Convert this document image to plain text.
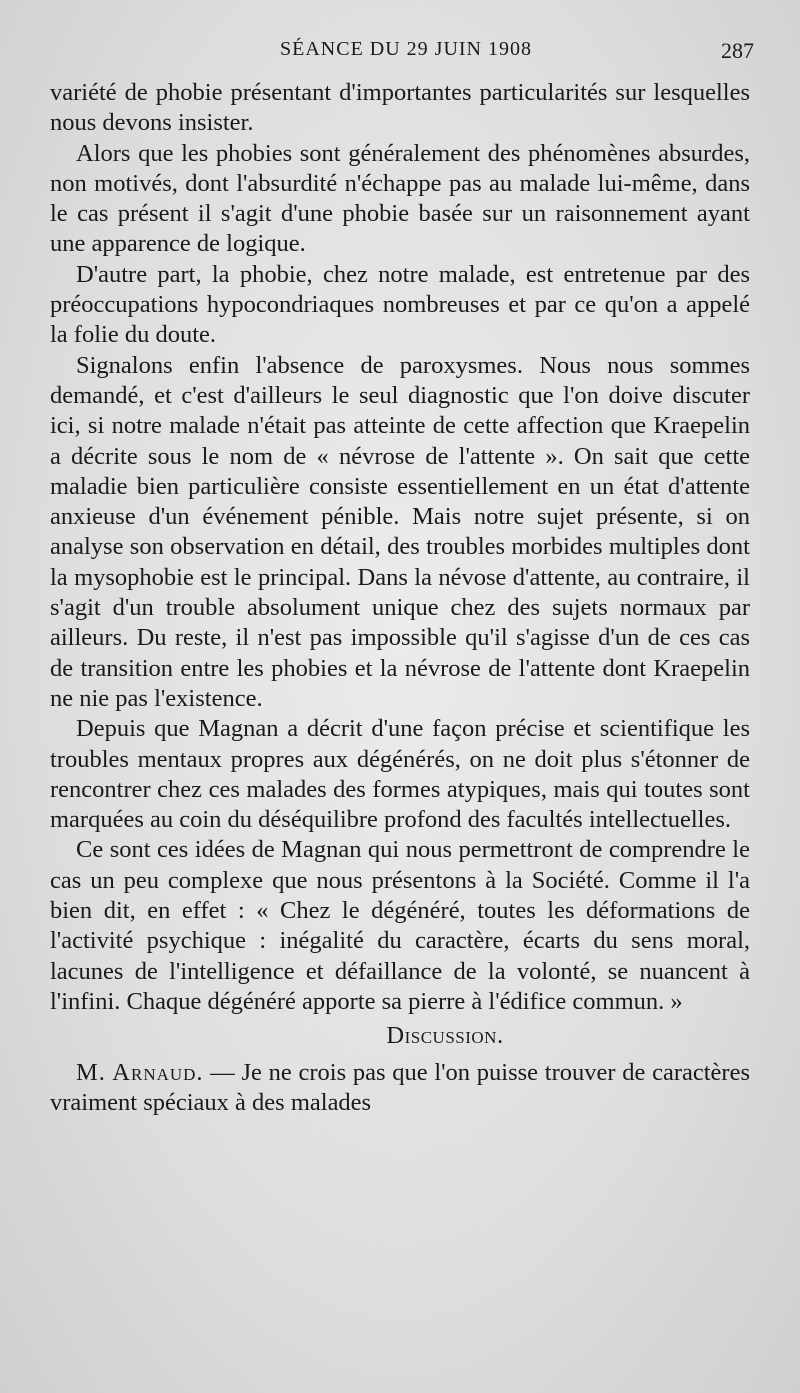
SÉANCE DU 29 JUIN 1908	287

variété de phobie présentant d'importantes particularités sur lesquelles nous devons insister.

Alors que les phobies sont généralement des phénomènes absurdes, non motivés, dont l'absurdité n'échappe pas au malade lui-même, dans le cas présent il s'agit d'une phobie basée sur un raisonnement ayant une apparence de logique.

D'autre part, la phobie, chez notre malade, est entretenue par des préoccupations hypocondriaques nombreuses et par ce qu'on a appelé la folie du doute.

Signalons enfin l'absence de paroxysmes. Nous nous sommes demandé, et c'est d'ailleurs le seul diagnostic que l'on doive discuter ici, si notre malade n'était pas atteinte de cette affection que Kraepelin a décrite sous le nom de « névrose de l'attente ». On sait que cette maladie bien particulière consiste essentiellement en un état d'attente anxieuse d'un événement pénible. Mais notre sujet présente, si on analyse son observation en détail, des troubles morbides multiples dont la mysophobie est le principal. Dans la névose d'attente, au contraire, il s'agit d'un trouble absolument unique chez des sujets normaux par ailleurs. Du reste, il n'est pas impossible qu'il s'agisse d'un de ces cas de transition entre les phobies et la névrose de l'attente dont Kraepelin ne nie pas l'existence.

Depuis que Magnan a décrit d'une façon précise et scientifique les troubles mentaux propres aux dégénérés, on ne doit plus s'étonner de rencontrer chez ces malades des formes atypiques, mais qui toutes sont marquées au coin du déséquilibre profond des facultés intellectuelles.

Ce sont ces idées de Magnan qui nous permettront de comprendre le cas un peu complexe que nous présentons à la Société. Comme il l'a bien dit, en effet : « Chez le dégénéré, toutes les déformations de l'activité psychique : inégalité du caractère, écarts du sens moral, lacunes de l'intelligence et défaillance de la volonté, se nuancent à l'infini. Chaque dégénéré apporte sa pierre à l'édifice commun. »

Discussion.

M. Arnaud. — Je ne crois pas que l'on puisse trouver de caractères vraiment spéciaux à des malades
